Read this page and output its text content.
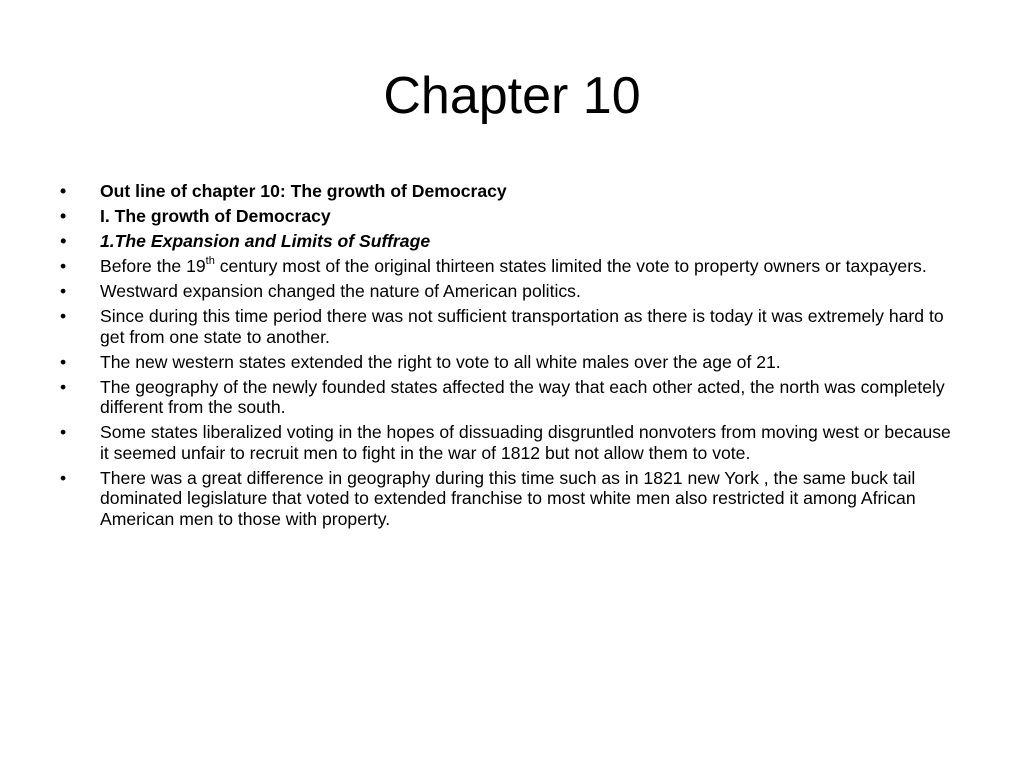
Chapter 10
•	Out line of chapter 10: The growth of Democracy
•	I. The growth of Democracy
•	1.The Expansion and Limits of Suffrage
•	Before the 19th century most of the original thirteen states limited the vote to property owners or taxpayers.
•	Westward expansion changed the nature of American politics.
•	Since during this time period there was not sufficient transportation as there is today it was extremely hard to get from one state to another.
•	The new western states extended the right to vote to all white males over the age of 21.
•	The geography of the newly founded states affected the way that each other acted, the north was completely different from the south.
•	Some states liberalized voting in the hopes of dissuading disgruntled nonvoters from moving west or because it seemed unfair to recruit men to fight in the war of 1812 but not allow them to vote.
•	There was a great difference in geography during this time such as in 1821 new York , the same buck tail dominated legislature that voted to extended franchise to most white men also restricted it among African American men to those with property.
